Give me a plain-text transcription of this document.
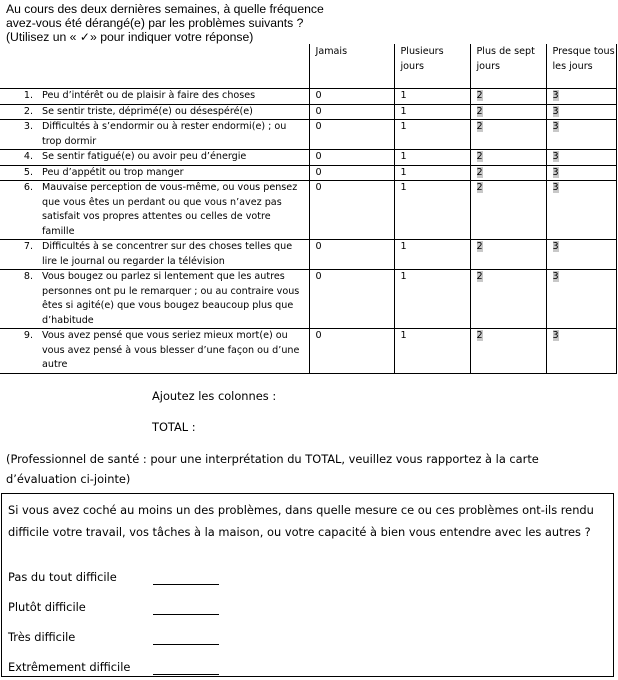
Au cours des deux dernières semaines, à quelle fréquence
avez-vous été dérangé(e) par les problèmes suivants ?
(Utilisez un « ✓» pour indiquer votre réponse)
	Jamais	Plusieurs jours	Plus de sept jours	Presque tous les jours

1. Peu d’intérêt ou de plaisir à faire des choses	0	1	2	3

2. Se sentir triste, déprimé(e) ou désespéré(e)	0	1	2	3

3. Difficultés à s’endormir ou à rester endormi(e) ; ou trop dormir	0	1	2	3

4. Se sentir fatigué(e) ou avoir peu d’énergie	0	1	2	3

5. Peu d’appétit ou trop manger	0	1	2	3

6. Mauvaise perception de vous-même, ou vous pensez que vous êtes un perdant ou que vous n’avez pas satisfait vos propres attentes ou celles de votre famille	0	1	2	3

7. Difficultés à se concentrer sur des choses telles que lire le journal ou regarder la télévision	0	1	2	3

8. Vous bougez ou parlez si lentement que les autres personnes ont pu le remarquer ; ou au contraire vous êtes si agité(e) que vous bougez beaucoup plus que d’habitude	0	1	2	3

9. Vous avez pensé que vous seriez mieux mort(e) ou vous avez pensé à vous blesser d’une façon ou d’une autre	0	1	2	3
Ajoutez les colonnes :
TOTAL :
(Professionnel de santé : pour une interprétation du TOTAL, veuillez vous rapportez à la carte d’évaluation ci-jointe)
Si vous avez coché au moins un des problèmes, dans quelle mesure ce ou ces problèmes ont-ils rendu difficile votre travail, vos tâches à la maison, ou votre capacité à bien vous entendre avec les autres ?
Pas du tout difficile
Plutôt difficile
Très difficile
Extrêmement difficile
